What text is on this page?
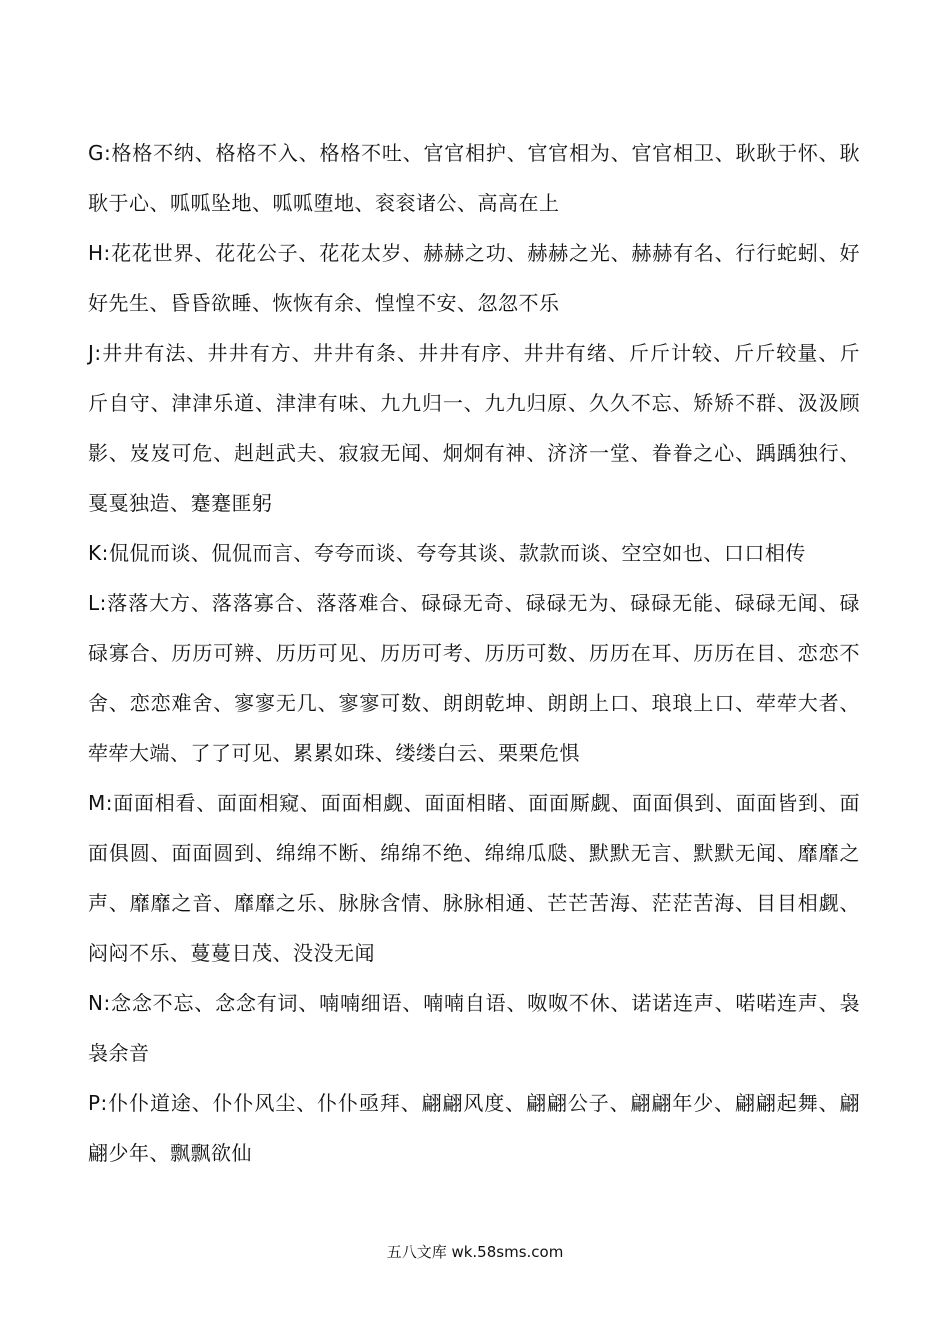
G:格格不纳、格格不入、格格不吐、官官相护、官官相为、官官相卫、耿耿于怀、耿耿于心、呱呱坠地、呱呱堕地、衮衮诸公、高高在上

H:花花世界、花花公子、花花太岁、赫赫之功、赫赫之光、赫赫有名、行行蛇蚓、好好先生、昏昏欲睡、恢恢有余、惶惶不安、忽忽不乐

J:井井有法、井井有方、井井有条、井井有序、井井有绪、斤斤计较、斤斤较量、斤斤自守、津津乐道、津津有味、九九归一、九九归原、久久不忘、矫矫不群、汲汲顾影、岌岌可危、赳赳武夫、寂寂无闻、炯炯有神、济济一堂、眷眷之心、踽踽独行、戛戛独造、蹇蹇匪躬

K:侃侃而谈、侃侃而言、夸夸而谈、夸夸其谈、款款而谈、空空如也、口口相传

L:落落大方、落落寡合、落落难合、碌碌无奇、碌碌无为、碌碌无能、碌碌无闻、碌碌寡合、历历可辨、历历可见、历历可考、历历可数、历历在耳、历历在目、恋恋不舍、恋恋难舍、寥寥无几、寥寥可数、朗朗乾坤、朗朗上口、琅琅上口、荦荦大者、荦荦大端、了了可见、累累如珠、缕缕白云、栗栗危惧

M:面面相看、面面相窥、面面相觑、面面相睹、面面厮觑、面面俱到、面面皆到、面面俱圆、面面圆到、绵绵不断、绵绵不绝、绵绵瓜瓞、默默无言、默默无闻、靡靡之声、靡靡之音、靡靡之乐、脉脉含情、脉脉相通、芒芒苦海、茫茫苦海、目目相觑、闷闷不乐、蔓蔓日茂、没没无闻

N:念念不忘、念念有词、喃喃细语、喃喃自语、呶呶不休、诺诺连声、喏喏连声、袅袅余音

P:仆仆道途、仆仆风尘、仆仆亟拜、翩翩风度、翩翩公子、翩翩年少、翩翩起舞、翩翩少年、飘飘欲仙

五八文库 wk.58sms.com
